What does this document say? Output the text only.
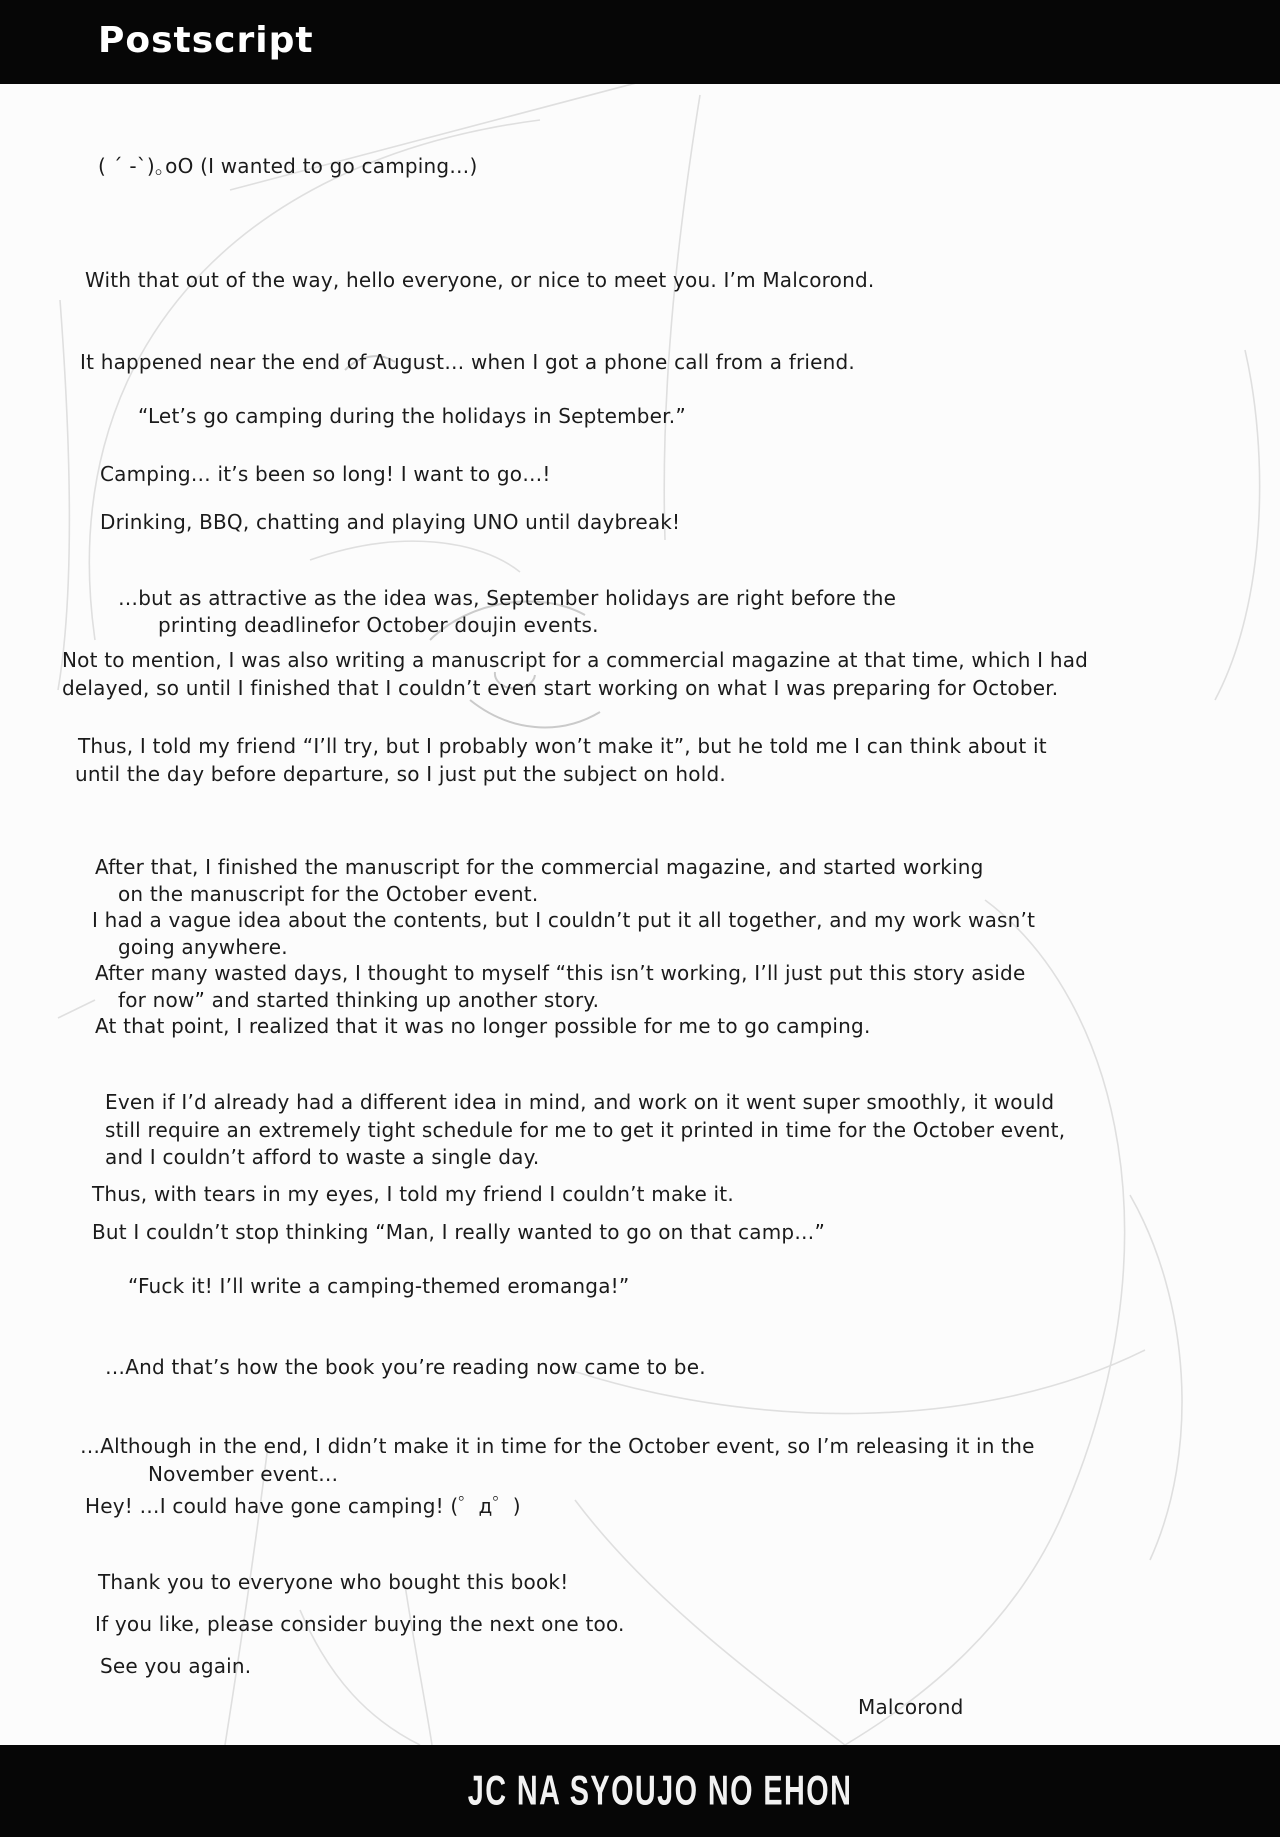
Postscript
( ´ -`)｡oO (I wanted to go camping…)
With that out of the way, hello everyone, or nice to meet you. I’m Malcorond.
It happened near the end of August… when I got a phone call from a friend.
“Let’s go camping during the holidays in September.”
Camping… it’s been so long! I want to go…!
Drinking, BBQ, chatting and playing UNO until daybreak!
…but as attractive as the idea was, September holidays are right before the
printing deadlinefor October doujin events.
Not to mention, I was also writing a manuscript for a commercial magazine at that time, which I had
delayed, so until I finished that I couldn’t even start working on what I was preparing for October.
Thus, I told my friend “I’ll try, but I probably won’t make it”, but he told me I can think about it
until the day before departure, so I just put the subject on hold.
After that, I finished the manuscript for the commercial magazine, and started working
on the manuscript for the October event.
I had a vague idea about the contents, but I couldn’t put it all together, and my work wasn’t
going anywhere.
After many wasted days, I thought to myself “this isn’t working, I’ll just put this story aside
for now” and started thinking up another story.
At that point, I realized that it was no longer possible for me to go camping.
Even if I’d already had a different idea in mind, and work on it went super smoothly, it would
still require an extremely tight schedule for me to get it printed in time for the October event,
and I couldn’t afford to waste a single day.
Thus, with tears in my eyes, I told my friend I couldn’t make it.
But I couldn’t stop thinking “Man, I really wanted to go on that camp…”
“Fuck it! I’ll write a camping-themed eromanga!”
…And that’s how the book you’re reading now came to be.
…Although in the end, I didn’t make it in time for the October event, so I’m releasing it in the
November event…
Hey! …I could have gone camping! (゜д゜)
Thank you to everyone who bought this book!
If you like, please consider buying the next one too.
See you again.
Malcorond
JC NA SYOUJO NO EHON
